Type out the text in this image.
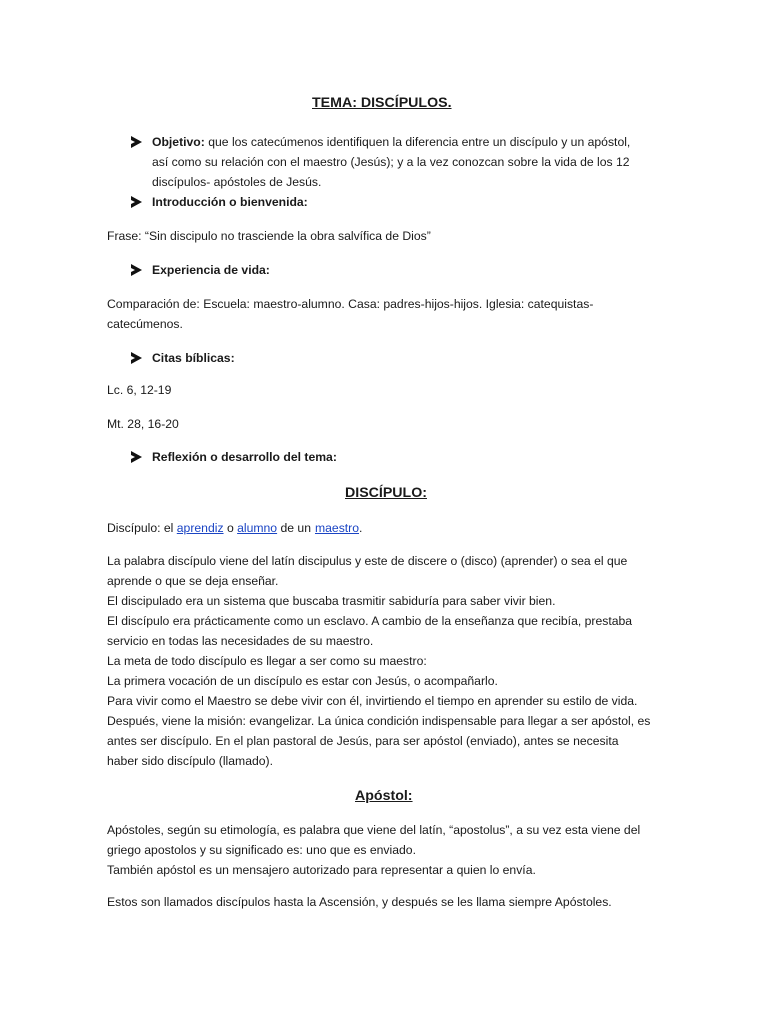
TEMA: DISCÍPULOS.
Objetivo: que los catecúmenos identifiquen la diferencia entre un discípulo y un apóstol,
así como su relación con el maestro (Jesús); y a la vez conozcan sobre la vida de los 12
discípulos- apóstoles de Jesús.
Introducción o bienvenida:
Frase: “Sin discipulo no trasciende la obra salvífica de Dios”
Experiencia de vida:
Comparación de: Escuela: maestro-alumno. Casa: padres-hijos-hijos. Iglesia: catequistas-
catecúmenos.
Citas bíblicas:
Lc. 6, 12-19
Mt. 28, 16-20
Reflexión o desarrollo del tema:
DISCÍPULO:
Discípulo: el aprendiz o alumno de un maestro.
La palabra discípulo viene del latín discipulus y este de discere o (disco) (aprender) o sea el que
aprende o que se deja enseñar.
El discipulado era un sistema que buscaba trasmitir sabiduría para saber vivir bien.
El discípulo era prácticamente como un esclavo. A cambio de la enseñanza que recibía, prestaba
servicio en todas las necesidades de su maestro.
La meta de todo discípulo es llegar a ser como su maestro:
La primera vocación de un discípulo es estar con Jesús, o acompañarlo.
Para vivir como el Maestro se debe vivir con él, invirtiendo el tiempo en aprender su estilo de vida.
Después, viene la misión: evangelizar. La única condición indispensable para llegar a ser apóstol, es
antes ser discípulo. En el plan pastoral de Jesús, para ser apóstol (enviado), antes se necesita
haber sido discípulo (llamado).
Apóstol:
Apóstoles, según su etimología, es palabra que viene del latín, “apostolus”, a su vez esta viene del
griego apostolos y su significado es: uno que es enviado.
También apóstol es un mensajero autorizado para representar a quien lo envía.
Estos son llamados discípulos hasta la Ascensión, y después se les llama siempre Apóstoles.
